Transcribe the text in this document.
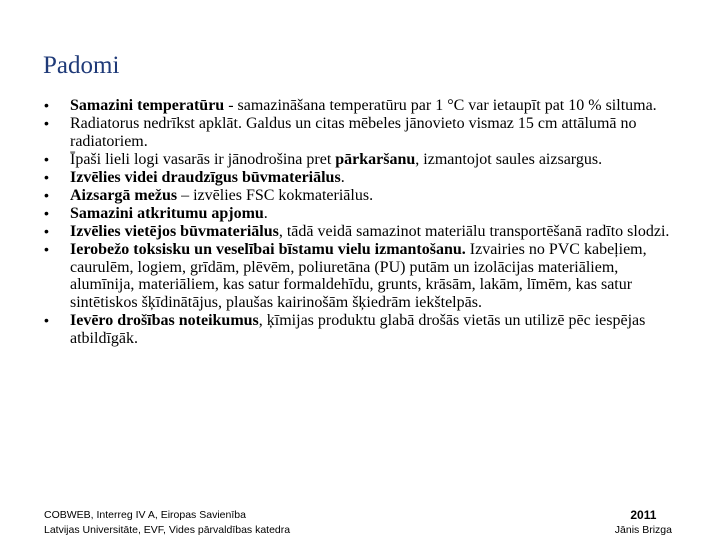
Padomi
•	Samazini temperatūru - samazināšana temperatūru par 1 °C var ietaupīt pat 10 % siltuma.
•	Radiatorus nedrīkst apklāt. Galdus un citas mēbeles jānovieto vismaz 15 cm attālumā no radiatoriem.
•	Īpaši lieli logi vasarās ir jānodrošina pret pārkaršanu, izmantojot saules aizsargus.
•	Izvēlies videi draudzīgus būvmateriālus.
•	Aizsargā mežus – izvēlies FSC kokmateriālus.
•	Samazini atkritumu apjomu.
•	Izvēlies vietējos būvmateriālus, tādā veidā samazinot materiālu transportēšanā radīto slodzi.
•	Ierobežo toksisku un veselībai bīstamu vielu izmantošanu. Izvairies no PVC kabeļiem, caurulēm, logiem, grīdām, plēvēm, poliuretāna (PU) putām un izolācijas materiāliem, alumīnija, materiāliem, kas satur formaldehīdu, grunts, krāsām, lakām, līmēm, kas satur sintētiskos šķīdinātājus, plaušas kairinošām šķiedrām iekštelpās.
•	Ievēro drošības noteikumus, ķīmijas produktu glabā drošās vietās un utilizē pēc iespējas atbildīgāk.
COBWEB, Interreg IV A, Eiropas Savienība
Latvijas Universitāte, EVF, Vides pārvaldības katedra
2011
Jānis Brizga
